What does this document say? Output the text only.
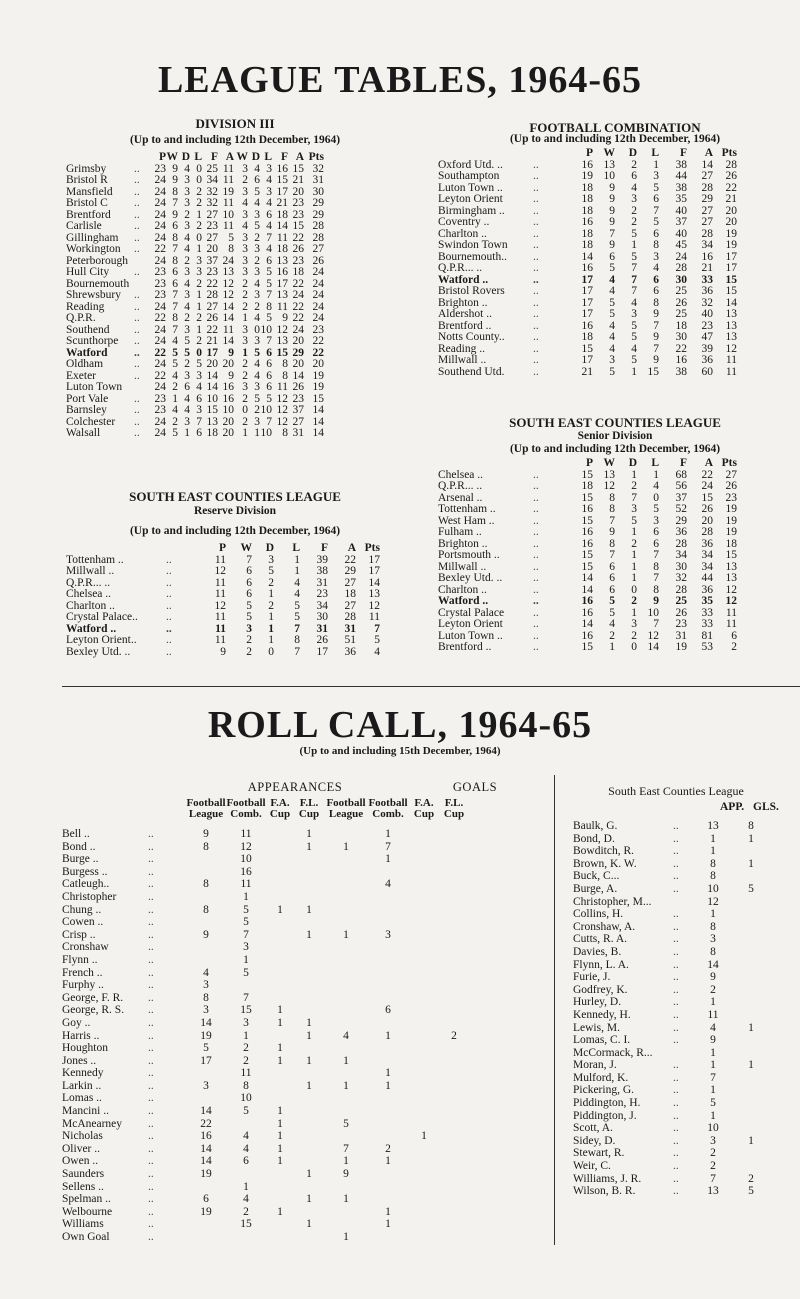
LEAGUE TABLES, 1964-65
DIVISION III
(Up to and including 12th December, 1964)
		P	W	D	L	F	A	W	D	L	F	A	Pts
Grimsby	..	23	9	4	0	25	11	3	4	3	16	15	32
Bristol R	..	24	9	3	0	34	11	2	6	4	15	21	31
Mansfield	..	24	8	3	2	32	19	3	5	3	17	20	30
Bristol C	..	24	7	3	2	32	11	4	4	4	21	23	29
Brentford	..	24	9	2	1	27	10	3	3	6	18	23	29
Carlisle	..	24	6	3	2	23	11	4	5	4	14	15	28
Gillingham	..	24	8	4	0	27	5	3	2	7	11	22	28
Workington	..	22	7	4	1	20	8	3	3	4	18	26	27
Peterborough		24	8	2	3	37	24	3	2	6	13	23	26
Hull City	..	23	6	3	3	23	13	3	3	5	16	18	24
Bournemouth		23	6	4	2	22	12	2	4	5	17	22	24
Shrewsbury	..	23	7	3	1	28	12	2	3	7	13	24	24
Reading	..	24	7	4	1	27	14	2	2	8	11	22	24
Q.P.R.	..	22	8	2	2	26	14	1	4	5	9	22	24
Southend	..	24	7	3	1	22	11	3	0	10	12	24	23
Scunthorpe	..	24	4	5	2	21	14	3	3	7	13	20	22
Watford	..	22	5	5	0	17	9	1	5	6	15	29	22
Oldham	..	24	5	2	5	20	20	2	4	6	8	20	20
Exeter	..	22	4	3	3	14	9	2	4	6	8	14	19
Luton Town		24	2	6	4	14	16	3	3	6	11	26	19
Port Vale	..	23	1	4	6	10	16	2	5	5	12	23	15
Barnsley	..	23	4	4	3	15	10	0	2	10	12	37	14
Colchester	..	24	2	3	7	13	20	2	3	7	12	27	14
Walsall	..	24	5	1	6	18	20	1	1	10	8	31	14
FOOTBALL COMBINATION
(Up to and including 12th December, 1964)
		P	W	D	L	F	A	Pts
Oxford Utd. ..	..	16	13	2	1	38	14	28
Southampton	..	19	10	6	3	44	27	26
Luton Town ..	..	18	9	4	5	38	28	22
Leyton Orient	..	18	9	3	6	35	29	21
Birmingham ..	..	18	9	2	7	40	27	20
Coventry ..	..	16	9	2	5	37	27	20
Charlton ..	..	18	7	5	6	40	28	19
Swindon Town	..	18	9	1	8	45	34	19
Bournemouth..	..	14	6	5	3	24	16	17
Q.P.R... ..	..	16	5	7	4	28	21	17
Watford ..	..	17	4	7	6	30	33	15
Bristol Rovers	..	17	4	7	6	25	36	15
Brighton ..	..	17	5	4	8	26	32	14
Aldershot ..	..	17	5	3	9	25	40	13
Brentford ..	..	16	4	5	7	18	23	13
Notts County..	..	18	4	5	9	30	47	13
Reading ..	..	15	4	4	7	22	39	12
Millwall ..	..	17	3	5	9	16	36	11
Southend Utd.	..	21	5	1	15	38	60	11
SOUTH EAST COUNTIES LEAGUE
Senior Division
(Up to and including 12th December, 1964)
		P	W	D	L	F	A	Pts
Chelsea ..	..	15	13	1	1	68	22	27
Q.P.R... ..	..	18	12	2	4	56	24	26
Arsenal ..	..	15	8	7	0	37	15	23
Tottenham ..	..	16	8	3	5	52	26	19
West Ham ..	..	15	7	5	3	29	20	19
Fulham ..	..	16	9	1	6	36	28	19
Brighton ..	..	16	8	2	6	28	36	18
Portsmouth ..	..	15	7	1	7	34	34	15
Millwall ..	..	15	6	1	8	30	34	13
Bexley Utd. ..	..	14	6	1	7	32	44	13
Charlton ..	..	14	6	0	8	28	36	12
Watford ..	..	16	5	2	9	25	35	12
Crystal Palace	..	16	5	1	10	26	33	11
Leyton Orient	..	14	4	3	7	23	33	11
Luton Town ..	..	16	2	2	12	31	81	6
Brentford ..	..	15	1	0	14	19	53	2
SOUTH EAST COUNTIES LEAGUE
Reserve Division
(Up to and including 12th December, 1964)
		P	W	D	L	F	A	Pts
Tottenham ..	..	11	7	3	1	39	22	17
Millwall ..	..	12	6	5	1	38	29	17
Q.P.R... ..	..	11	6	2	4	31	27	14
Chelsea ..	..	11	6	1	4	23	18	13
Charlton ..	..	12	5	2	5	34	27	12
Crystal Palace..	..	11	5	1	5	30	28	11
Watford ..	..	11	3	1	7	31	31	7
Leyton Orient..	..	11	2	1	8	26	51	5
Bexley Utd. ..	..	9	2	0	7	17	36	4
ROLL CALL, 1964-65
(Up to and including 15th December, 1964)
APPEARANCES	GOALS
		Football League	Football Comb.	F.A. Cup	F.L. Cup	Football League	Football Comb.	F.A. Cup	F.L. Cup
Bell ..	..	9	11		1		1		
Bond ..	..	8	12		1	1	7		
Burge ..	..		10				1		
Burgess ..	..		16						
Catleugh..	..	8	11				4		
Christopher	..		1						
Chung ..	..	8	5	1	1				
Cowen ..	..		5						
Crisp ..	..	9	7		1	1	3		
Cronshaw	..		3						
Flynn ..	..		1						
French ..	..	4	5						
Furphy ..	..	3							
George, F. R.	..	8	7						
George, R. S.	..	3	15	1			6		
Goy ..	..	14	3	1	1				
Harris ..	..	19	1		1	4	1		2
Houghton	..	5	2	1					
Jones ..	..	17	2	1	1	1			
Kennedy	..		11				1		
Larkin ..	..	3	8		1	1	1		
Lomas ..	..		10						
Mancini ..	..	14	5	1					
McAnearney	..	22		1		5			
Nicholas	..	16	4	1				1	
Oliver ..	..	14	4	1		7	2		
Owen ..	..	14	6	1		1	1		
Saunders	..	19			1	9			
Sellens ..	..		1						
Spelman ..	..	6	4		1	1			
Welbourne	..	19	2	1			1		
Williams	..		15		1		1		
Own Goal	..					1			
South East Counties League
APP. GLS.
Baulk, G.	..	13	8
Bond, D.	..	1	1
Bowditch, R.	..	1	
Brown, K. W.	..	8	1
Buck, C...	..	8	
Burge, A.	..	10	5
Christopher, M...		12	
Collins, H.	..	1	
Cronshaw, A.	..	8	
Cutts, R. A.	..	3	
Davies, B.	..	8	
Flynn, L. A.	..	14	
Furie, J.	..	9	
Godfrey, K.	..	2	
Hurley, D.	..	1	
Kennedy, H.	..	11	
Lewis, M.	..	4	1
Lomas, C. I.	..	9	
McCormack, R...		1	
Moran, J.	..	1	1
Mulford, K.	..	7	
Pickering, G.	..	1	
Piddington, H.	..	5	
Piddington, J.	..	1	
Scott, A.	..	10	
Sidey, D.	..	3	1
Stewart, R.	..	2	
Weir, C.	..	2	
Williams, J. R.	..	7	2
Wilson, B. R.	..	13	5
